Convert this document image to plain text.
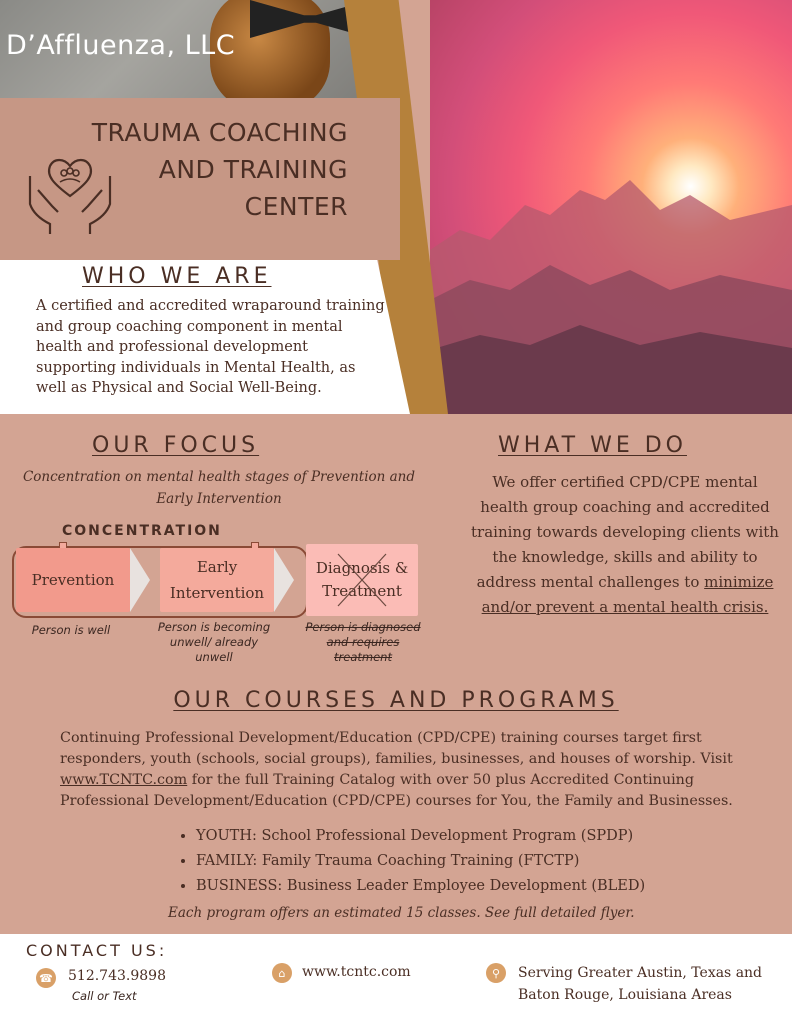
D’Affluenza, LLC
TRAUMA COACHING
AND TRAINING
CENTER
WHO WE ARE
A certified and accredited wraparound training and group coaching component in mental health and professional development supporting individuals in Mental Health, as well as Physical and Social Well-Being.
OUR FOCUS
Concentration on mental health stages of Prevention and Early Intervention
CONCENTRATION
Prevention
Early Intervention
Diagnosis & Treatment
Person is well	Person is becoming unwell/ already unwell
Person is diagnosed and requires treatment
WHAT WE DO
We offer certified CPD/CPE mental health group coaching and accredited training towards developing clients with the knowledge, skills and ability to address mental challenges to minimize and/or prevent a mental health crisis.
OUR COURSES AND PROGRAMS
Continuing Professional Development/Education (CPD/CPE) training courses target first responders, youth (schools, social groups), families, businesses, and houses of worship. Visit www.TCNTC.com for the full Training Catalog with over 50 plus Accredited Continuing Professional Development/Education (CPD/CPE) courses for You, the Family and Businesses.
• YOUTH: School Professional Development Program (SPDP)
• FAMILY: Family Trauma Coaching Training (FTCTP)
• BUSINESS: Business Leader Employee Development (BLED)
Each program offers an estimated 15 classes. See full detailed flyer.
CONTACT US:
☎ 512.743.9898
Call or Text
⌂	www.tcntc.com	⚲	Serving Greater Austin, Texas and Baton Rouge, Louisiana Areas
